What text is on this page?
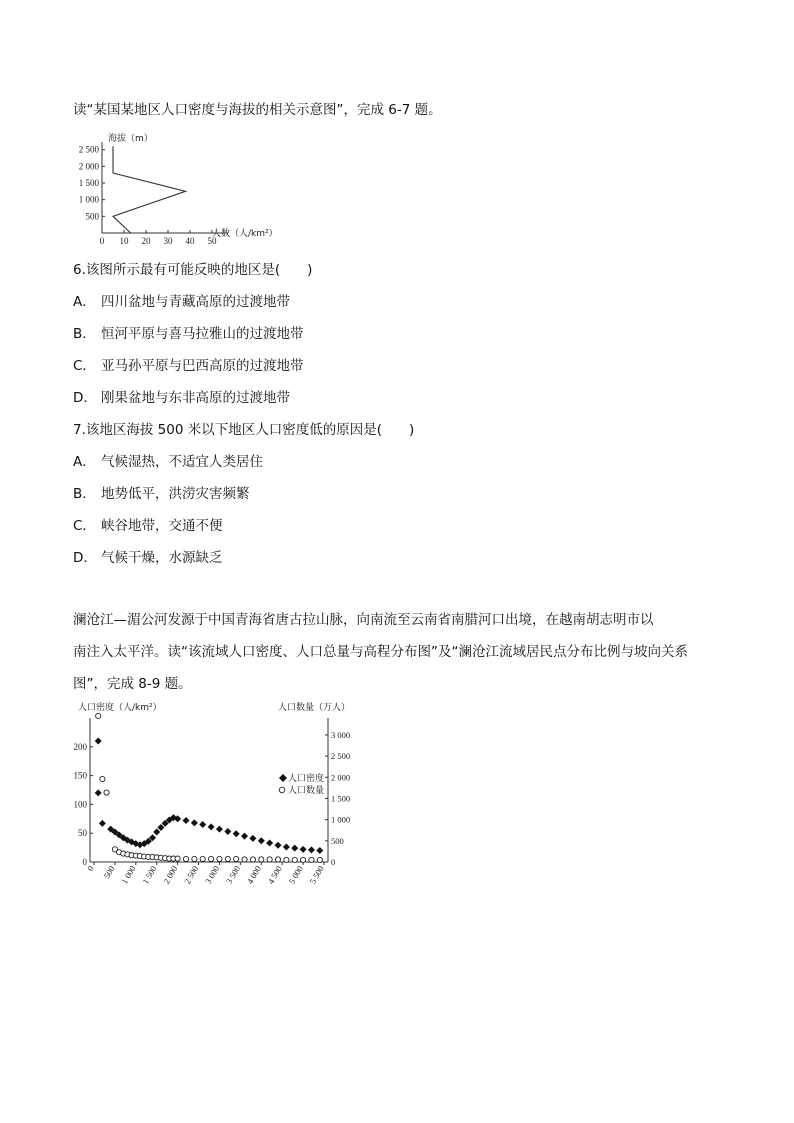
读“某国某地区人口密度与海拔的相关示意图”，完成 6-7 题。
海拔（m）
500
1 000
1 500
2 000
2 500
0 10 20 30 40 50
人数（人/km²）
6.该图所示最有可能反映的地区是(　　)
A． 四川盆地与青藏高原的过渡地带
B． 恒河平原与喜马拉雅山的过渡地带
C． 亚马孙平原与巴西高原的过渡地带
D． 刚果盆地与东非高原的过渡地带
7.该地区海拔 500 米以下地区人口密度低的原因是(　　)
A． 气候湿热，不适宜人类居住
B． 地势低平，洪涝灾害频繁
C． 峡谷地带，交通不便
D． 气候干燥，水源缺乏
澜沧江—湄公河发源于中国青海省唐古拉山脉，向南流至云南省南腊河口出境，在越南胡志明市以
南注入太平洋。读“该流域人口密度、人口总量与高程分布图”及“澜沧江流域居民点分布比例与坡向关系
图”，完成 8-9 题。
人口密度（人/km²）	人口数量（万人）
0
50
100
150
200
0
500
1 000
1 500
2 000
2 500
3 000
0 500 1 000 1 500 2 000 2 500 3 000 3 500 4 000 4 500 5 000 5 500
人口密度
人口数量
